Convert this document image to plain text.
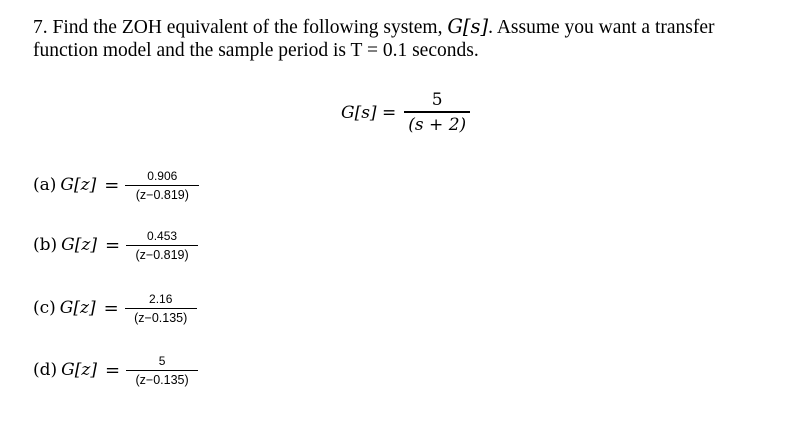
7. Find the ZOH equivalent of the following system, G[s]. Assume you want a transfer
function model and the sample period is T = 0.1 seconds.
$G[s] = \frac{5}{(s + 2)}$
(a) $G[z] = \frac{0.906}{(z-0.819)}$
(b) $G[z] = \frac{0.453}{(z-0.819)}$
(c) $G[z] = \frac{2.16}{(z-0.135)}$
(d) $G[z] = \frac{5}{(z-0.135)}$
